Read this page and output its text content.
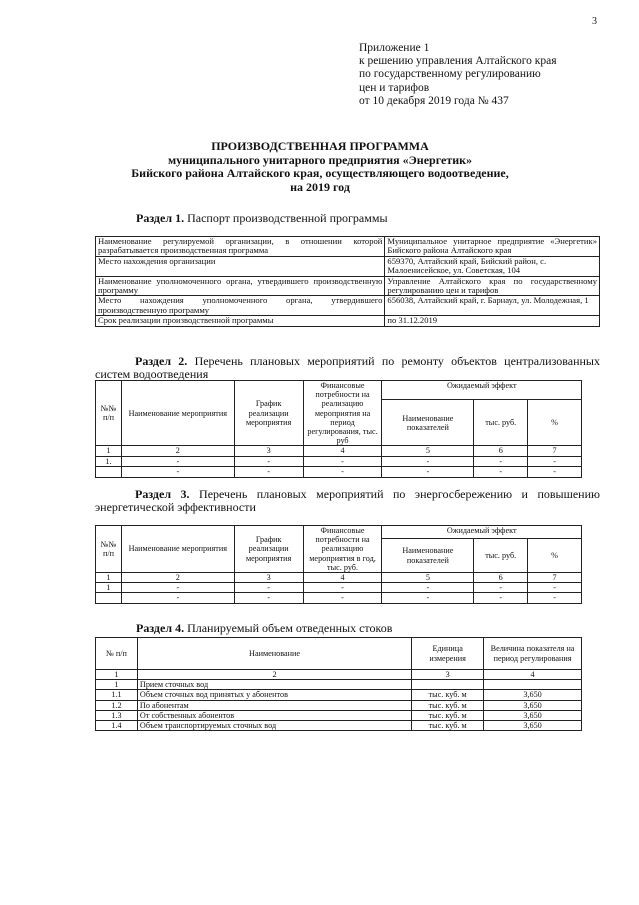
3
Приложение 1
к решению управления Алтайского края
по государственному регулированию
цен и тарифов
от 10 декабря 2019 года № 437
ПРОИЗВОДСТВЕННАЯ ПРОГРАММА
муниципального унитарного предприятия «Энергетик»
Бийского района Алтайского края, осуществляющего водоотведение,
на 2019 год
Раздел 1. Паспорт производственной программы
Наименование регулируемой организации, в отношении которой разрабатывается производственная программа	Муниципальное унитарное предприятие «Энергетик» Бийского района Алтайского края
Место нахождения организации	659370, Алтайский край, Бийский район, с. Малоенисейское, ул. Советская, 104
Наименование уполномоченного органа, утвердившего производственную программу	Управление Алтайского края по государственному регулированию цен и тарифов
Место нахождения уполномоченного органа, утвердившего производственную программу	656038, Алтайский край, г. Барнаул, ул. Молодежная, 1
Срок реализации производственной программы	по 31.12.2019
Раздел 2. Перечень плановых мероприятий по ремонту объектов централизованных систем водоотведения
№№ п/п	Наименование мероприятия	График реализации мероприятия	Финансовые потребности на реализацию мероприятия на период регулирования, тыс. руб	Ожидаемый эффект		
				Наименование показателей	тыс. руб.	%
1	2	3	4	5	6	7
1.	-	-	-	-	-	-
	-	-	-	-	-	-
Раздел 3. Перечень плановых мероприятий по энергосбережению и повышению энергетической эффективности
№№ п/п	Наименование мероприятия	График реализации мероприятия	Финансовые потребности на реализацию мероприятия в год, тыс. руб.	Ожидаемый эффект		
				Наименование показателей	тыс. руб.	%
1	2	3	4	5	6	7
1	-	-	-	-	-	-
	-	-	-	-	-	-
Раздел 4. Планируемый объем отведенных стоков
№ п/п	Наименование	Единица измерения	Величина показателя на период регулирования
1	2	3	4
1	Прием сточных вод		
1.1	Объем сточных вод принятых у абонентов	тыс. куб. м	3,650
1.2	По абонентам	тыс. куб. м	3,650
1.3	От собственных абонентов	тыс. куб. м	3,650
1.4	Объем транспортируемых сточных вод	тыс. куб. м	3,650
